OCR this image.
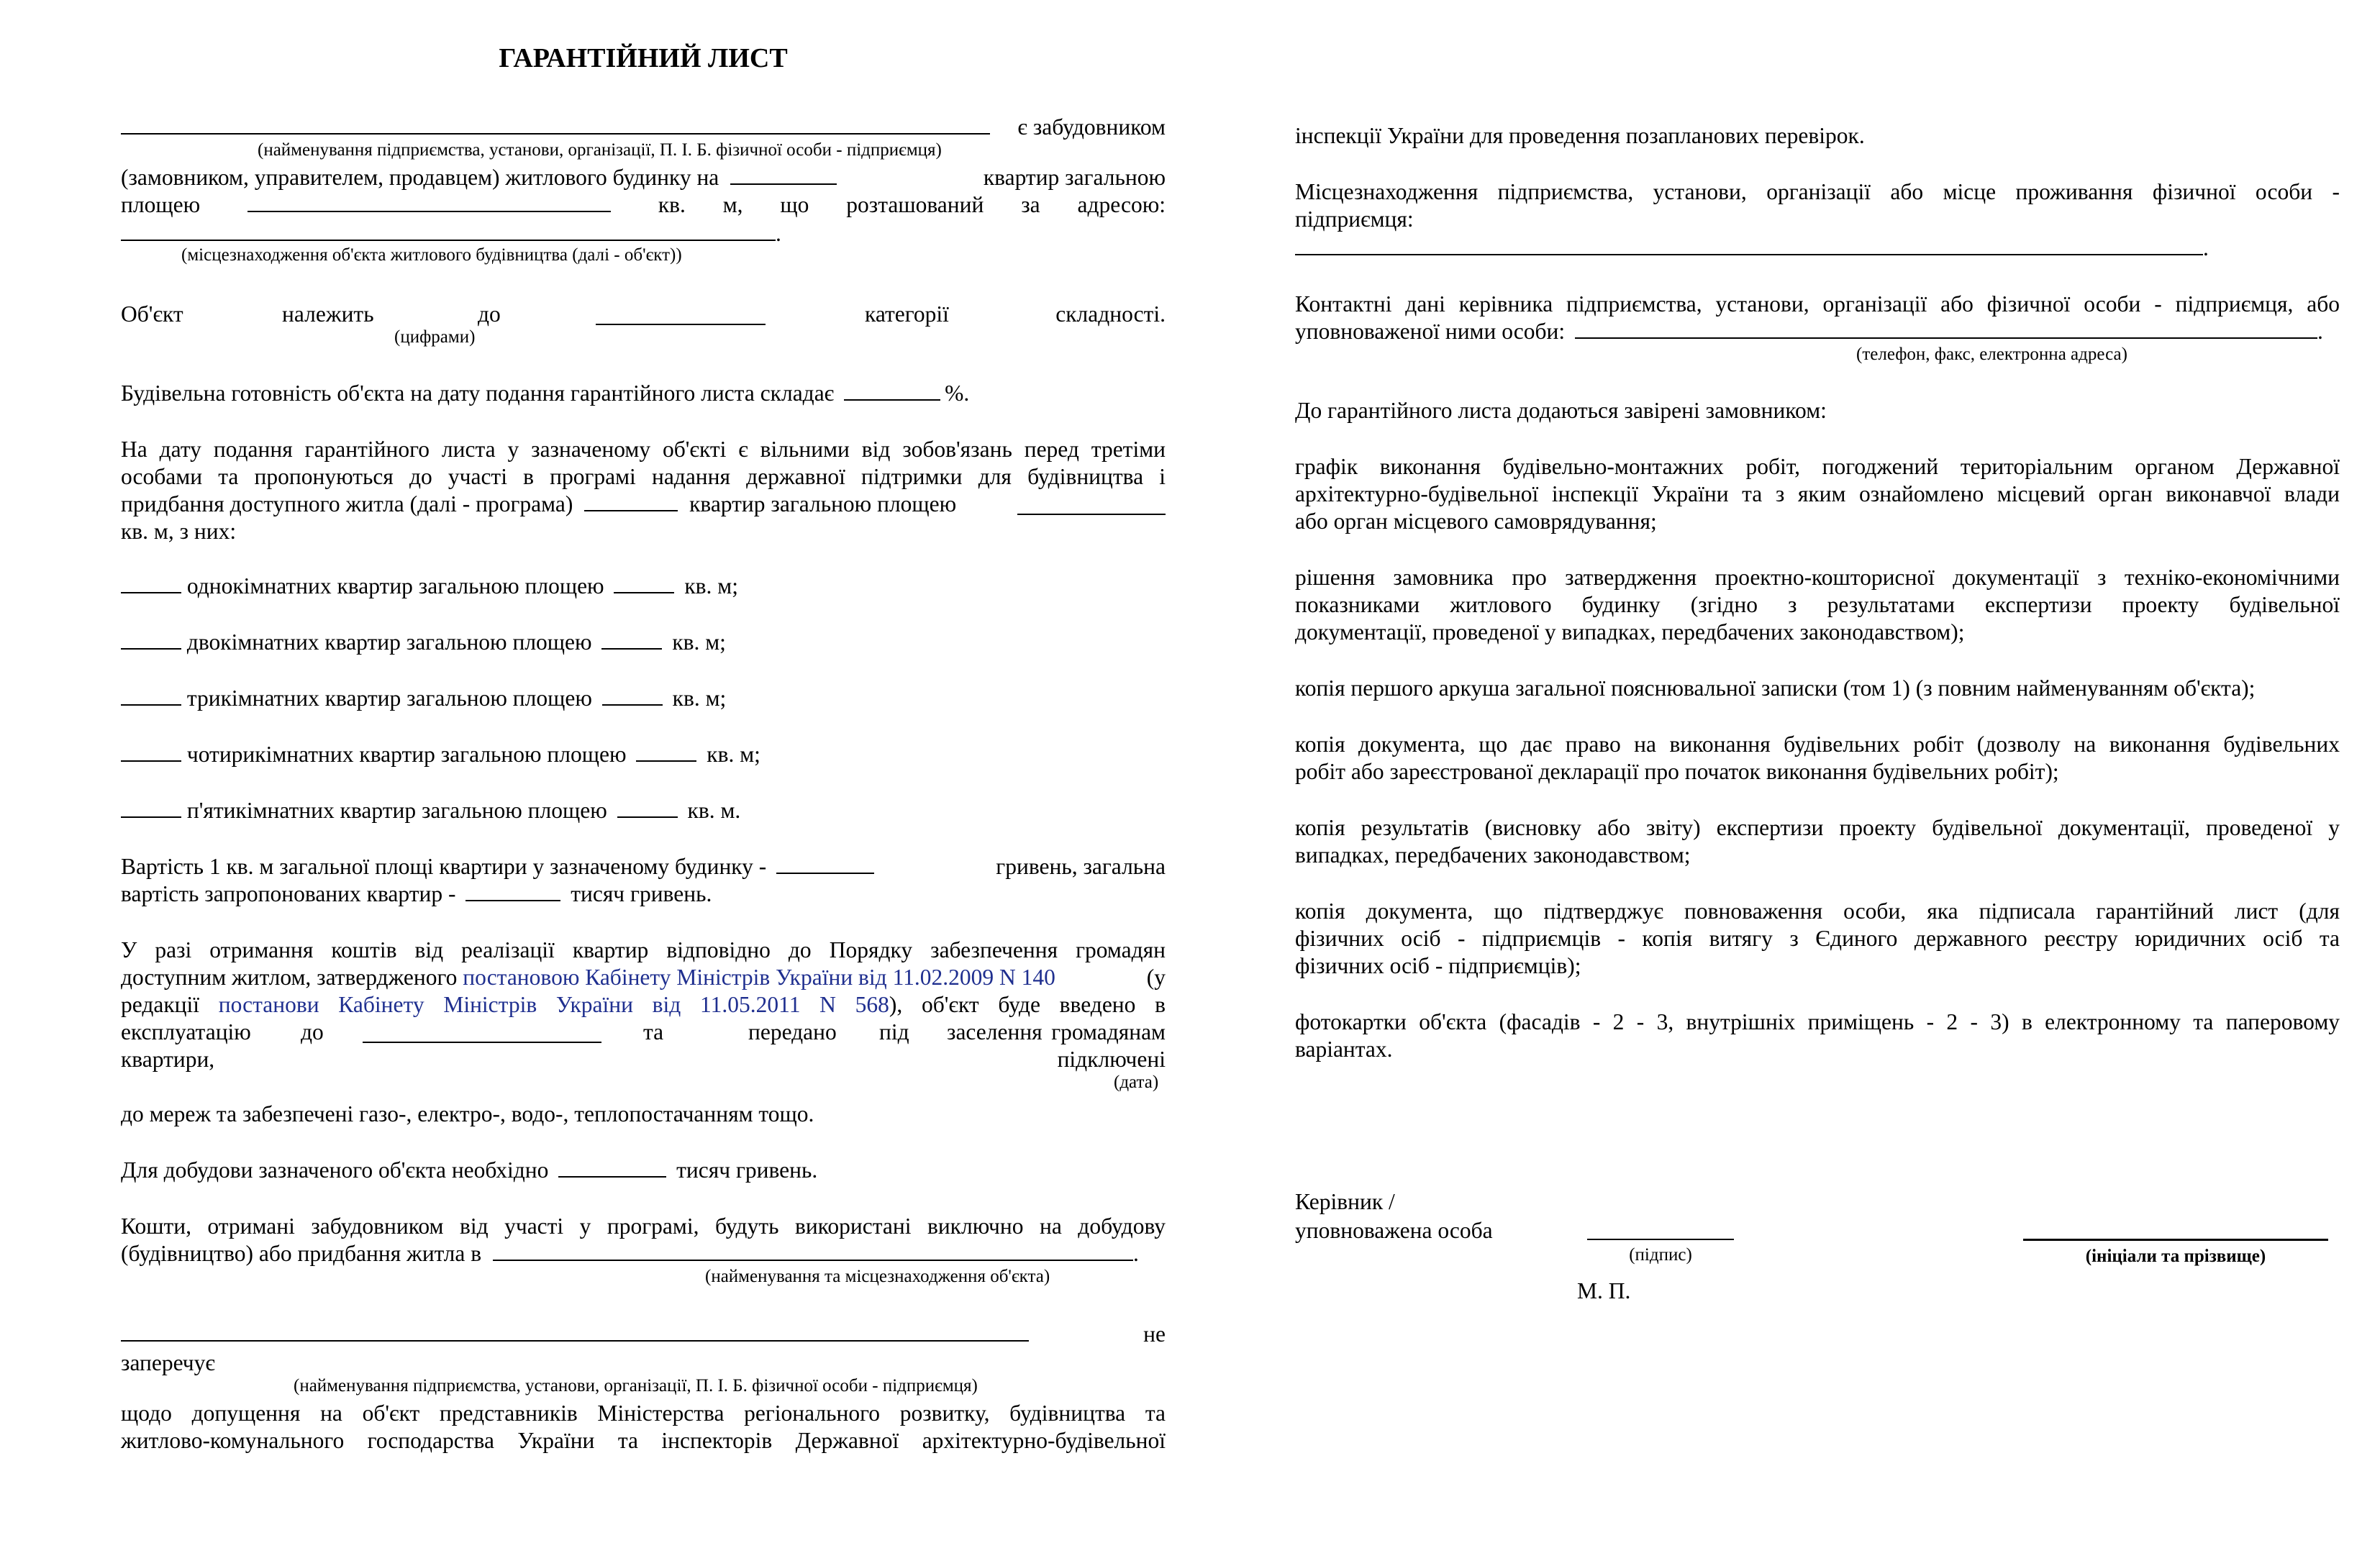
ГАРАНТІЙНИЙ ЛИСТ
є забудовником
(найменування підприємства, установи, організації, П. І. Б. фізичної особи - підприємця)
(замовником, управителем, продавцем) житлового будинку на	квартир загальною
площею	кв. м, що розташований за адресою:
.
(місцезнаходження об'єкта житлового будівництва (далі - об'єкт))
Об'єкт	належить	до	категорії	складності.
(цифрами)
Будівельна готовність об'єкта на дату подання гарантійного листа складає	%.
На дату подання гарантійного листа у зазначеному об'єкті є вільними від зобов'язань перед третіми
особами та пропонуються до участі в програмі надання державної підтримки для будівництва і
придбання доступного житла (далі - програма)	квартир загальною площею
кв. м, з них:
однокімнатних квартир загальною площею	кв. м;
двокімнатних квартир загальною площею	кв. м;
трикімнатних квартир загальною площею	кв. м;
чотирикімнатних квартир загальною площею	кв. м;
п'ятикімнатних квартир загальною площею	кв. м.
Вартість 1 кв. м загальної площі квартири у зазначеному будинку -	гривень, загальна
вартість запропонованих квартир -	тисяч гривень.
У разі отримання коштів від реалізації квартир відповідно до Порядку забезпечення громадян
доступним житлом, затвердженого постановою Кабінету Міністрів України від 11.02.2009 N 140	(у
редакції постанови Кабінету Міністрів України від 11.05.2011 N 568), об'єкт буде введено в
експлуатацію до	та	передано під заселення громадянам
квартири,	підключені
(дата)
до мереж та забезпечені газо-, електро-, водо-, теплопостачанням тощо.
Для добудови зазначеного об'єкта необхідно	тисяч гривень.
Кошти, отримані забудовником від участі у програмі, будуть використані виключно на добудову
(будівництво) або придбання житла в	.
(найменування та місцезнаходження об'єкта)
не
заперечує
(найменування підприємства, установи, організації, П. І. Б. фізичної особи - підприємця)
щодо допущення на об'єкт представників Міністерства регіонального розвитку, будівництва та
житлово-комунального господарства України та інспекторів Державної архітектурно-будівельної
інспекції України для проведення позапланових перевірок.
Місцезнаходження підприємства, установи, організації або місце проживання фізичної особи -
підприємця:
.
Контактні дані керівника підприємства, установи, організації або фізичної особи - підприємця, або
уповноваженої ними особи:	.
(телефон, факс, електронна адреса)
До гарантійного листа додаються завірені замовником:
графік виконання будівельно-монтажних робіт, погоджений територіальним органом Державної
архітектурно-будівельної інспекції України та з яким ознайомлено місцевий орган виконавчої влади
або орган місцевого самоврядування;
рішення замовника про затвердження проектно-кошторисної документації з техніко-економічними
показниками житлового будинку (згідно з результатами експертизи проекту будівельної
документації, проведеної у випадках, передбачених законодавством);
копія першого аркуша загальної пояснювальної записки (том 1) (з повним найменуванням об'єкта);
копія документа, що дає право на виконання будівельних робіт (дозволу на виконання будівельних
робіт або зареєстрованої декларації про початок виконання будівельних робіт);
копія результатів (висновку або звіту) експертизи проекту будівельної документації, проведеної у
випадках, передбачених законодавством;
копія документа, що підтверджує повноваження особи, яка підписала гарантійний лист (для
фізичних осіб - підприємців - копія витягу з Єдиного державного реєстру юридичних осіб та
фізичних осіб - підприємців);
фотокартки об'єкта (фасадів - 2 - 3, внутрішніх приміщень - 2 - 3) в електронному та паперовому
варіантах.
Керівник /
уповноважена особа
(підпис)	(ініціали та прізвище)
М. П.
